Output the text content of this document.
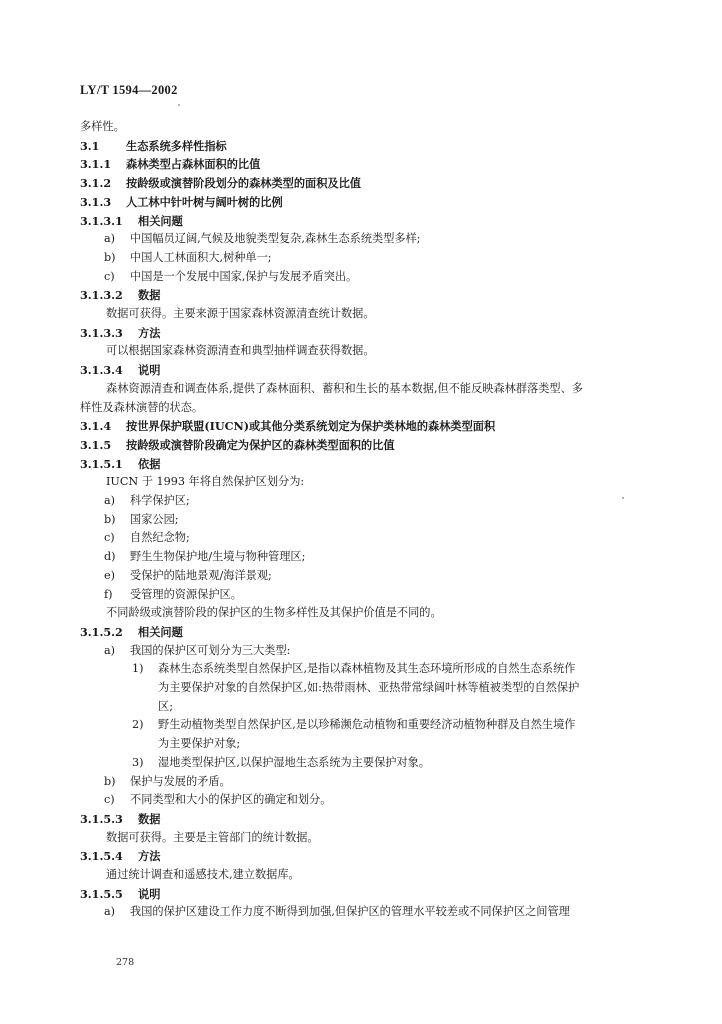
LY/T 1594—2002
多样性。
3.1 生态系统多样性指标
3.1.1 森林类型占森林面积的比值
3.1.2 按龄级或演替阶段划分的森林类型的面积及比值
3.1.3 人工林中针叶树与阔叶树的比例
3.1.3.1 相关问题
a) 中国幅员辽阔,气候及地貌类型复杂,森林生态系统类型多样;
b) 中国人工林面积大,树种单一;
c) 中国是一个发展中国家,保护与发展矛盾突出。
3.1.3.2 数据
数据可获得。主要来源于国家森林资源清查统计数据。
3.1.3.3 方法
可以根据国家森林资源清查和典型抽样调查获得数据。
3.1.3.4 说明
森林资源清查和调查体系,提供了森林面积、蓄积和生长的基本数据,但不能反映森林群落类型、多
样性及森林演替的状态。
3.1.4 按世界保护联盟(IUCN)或其他分类系统划定为保护类林地的森林类型面积
3.1.5 按龄级或演替阶段确定为保护区的森林类型面积的比值
3.1.5.1 依据
IUCN 于 1993 年将自然保护区划分为:
a) 科学保护区;
b) 国家公园;
c) 自然纪念物;
d) 野生生物保护地/生境与物种管理区;
e) 受保护的陆地景观/海洋景观;
f) 受管理的资源保护区。
不同龄级或演替阶段的保护区的生物多样性及其保护价值是不同的。
3.1.5.2 相关问题
a) 我国的保护区可划分为三大类型:
1) 森林生态系统类型自然保护区,是指以森林植物及其生态环境所形成的自然生态系统作
为主要保护对象的自然保护区,如:热带雨林、亚热带常绿阔叶林等植被类型的自然保护
区;
2) 野生动植物类型自然保护区,是以珍稀濒危动植物和重要经济动植物种群及自然生境作
为主要保护对象;
3) 湿地类型保护区,以保护湿地生态系统为主要保护对象。
b) 保护与发展的矛盾。
c) 不同类型和大小的保护区的确定和划分。
3.1.5.3 数据
数据可获得。主要是主管部门的统计数据。
3.1.5.4 方法
通过统计调查和遥感技术,建立数据库。
3.1.5.5 说明
a) 我国的保护区建设工作力度不断得到加强,但保护区的管理水平较差或不同保护区之间管理
278
